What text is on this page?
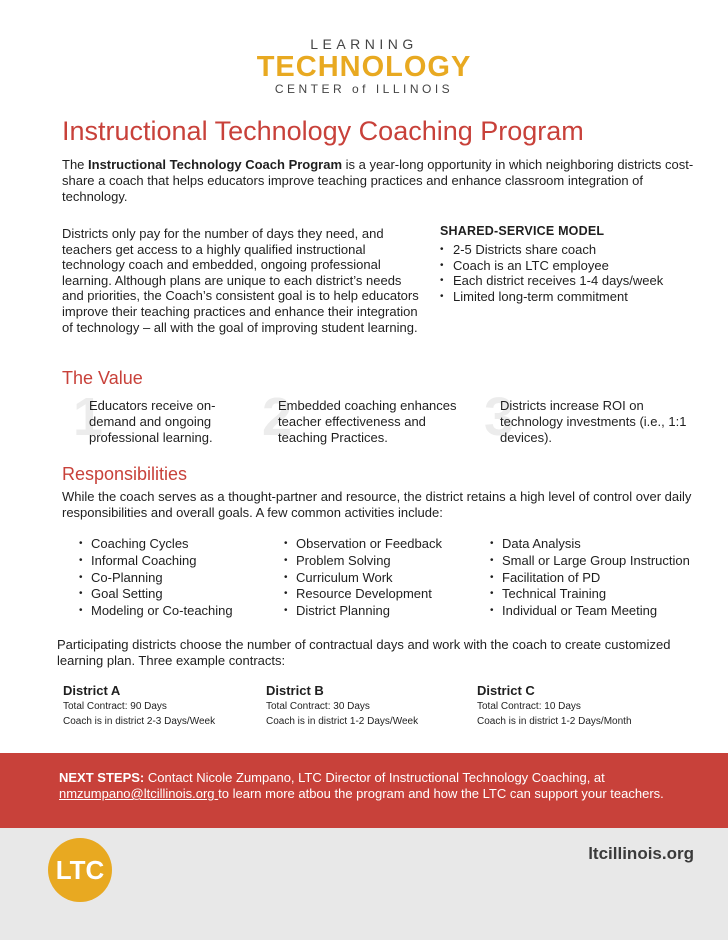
LEARNING
TECHNOLOGY
CENTER of ILLINOIS
Instructional Technology Coaching Program

The Instructional Technology Coach Program is a year-long opportunity in which neighboring districts cost-share a coach that helps educators improve teaching practices and enhance classroom integration of technology.

Districts only pay for the number of days they need, and teachers get access to a highly qualified instructional technology coach and embedded, ongoing professional learning. Although plans are unique to each district’s needs and priorities, the Coach’s consistent goal is to help educators improve their teaching practices and enhance their integration of technology – all with the goal of improving student learning.

SHARED-SERVICE MODEL
• 2-5 Districts share coach
• Coach is an LTC employee
• Each district receives 1-4 days/week
• Limited long-term commitment
The Value
1
Educators receive on-demand and ongoing professional learning. 2
Embedded coaching enhances teacher effectiveness and teaching Practices.	3
Districts increase ROI on technology investments (i.e., 1:1 devices).
Responsibilities

While the coach serves as a thought-partner and resource, the district retains a high level of control over daily responsibilities and overall goals. A few common activities include:

• Coaching Cycles
• Informal Coaching
• Co-Planning
• Goal Setting
• Modeling or Co-teaching
• Observation or Feedback
• Problem Solving
• Curriculum Work
• Resource Development
• District Planning
• Data Analysis
• Small or Large Group Instruction
• Facilitation of PD
• Technical Training
• Individual or Team Meeting

Participating districts choose the number of contractual days and work with the coach to create customized learning plan. Three example contracts:

District A
Total Contract: 90 Days
Coach is in district 2-3 Days/Week
District B
Total Contract: 30 Days
Coach is in district 1-2 Days/Week
District C
Total Contract: 10 Days
Coach is in district 1-2 Days/Month

NEXT STEPS: Contact Nicole Zumpano, LTC Director of Instructional Technology Coaching, at nmzumpano@ltcillinois.org to learn more atbou the program and how the LTC can support your teachers.

LTC
ltcillinois.org
